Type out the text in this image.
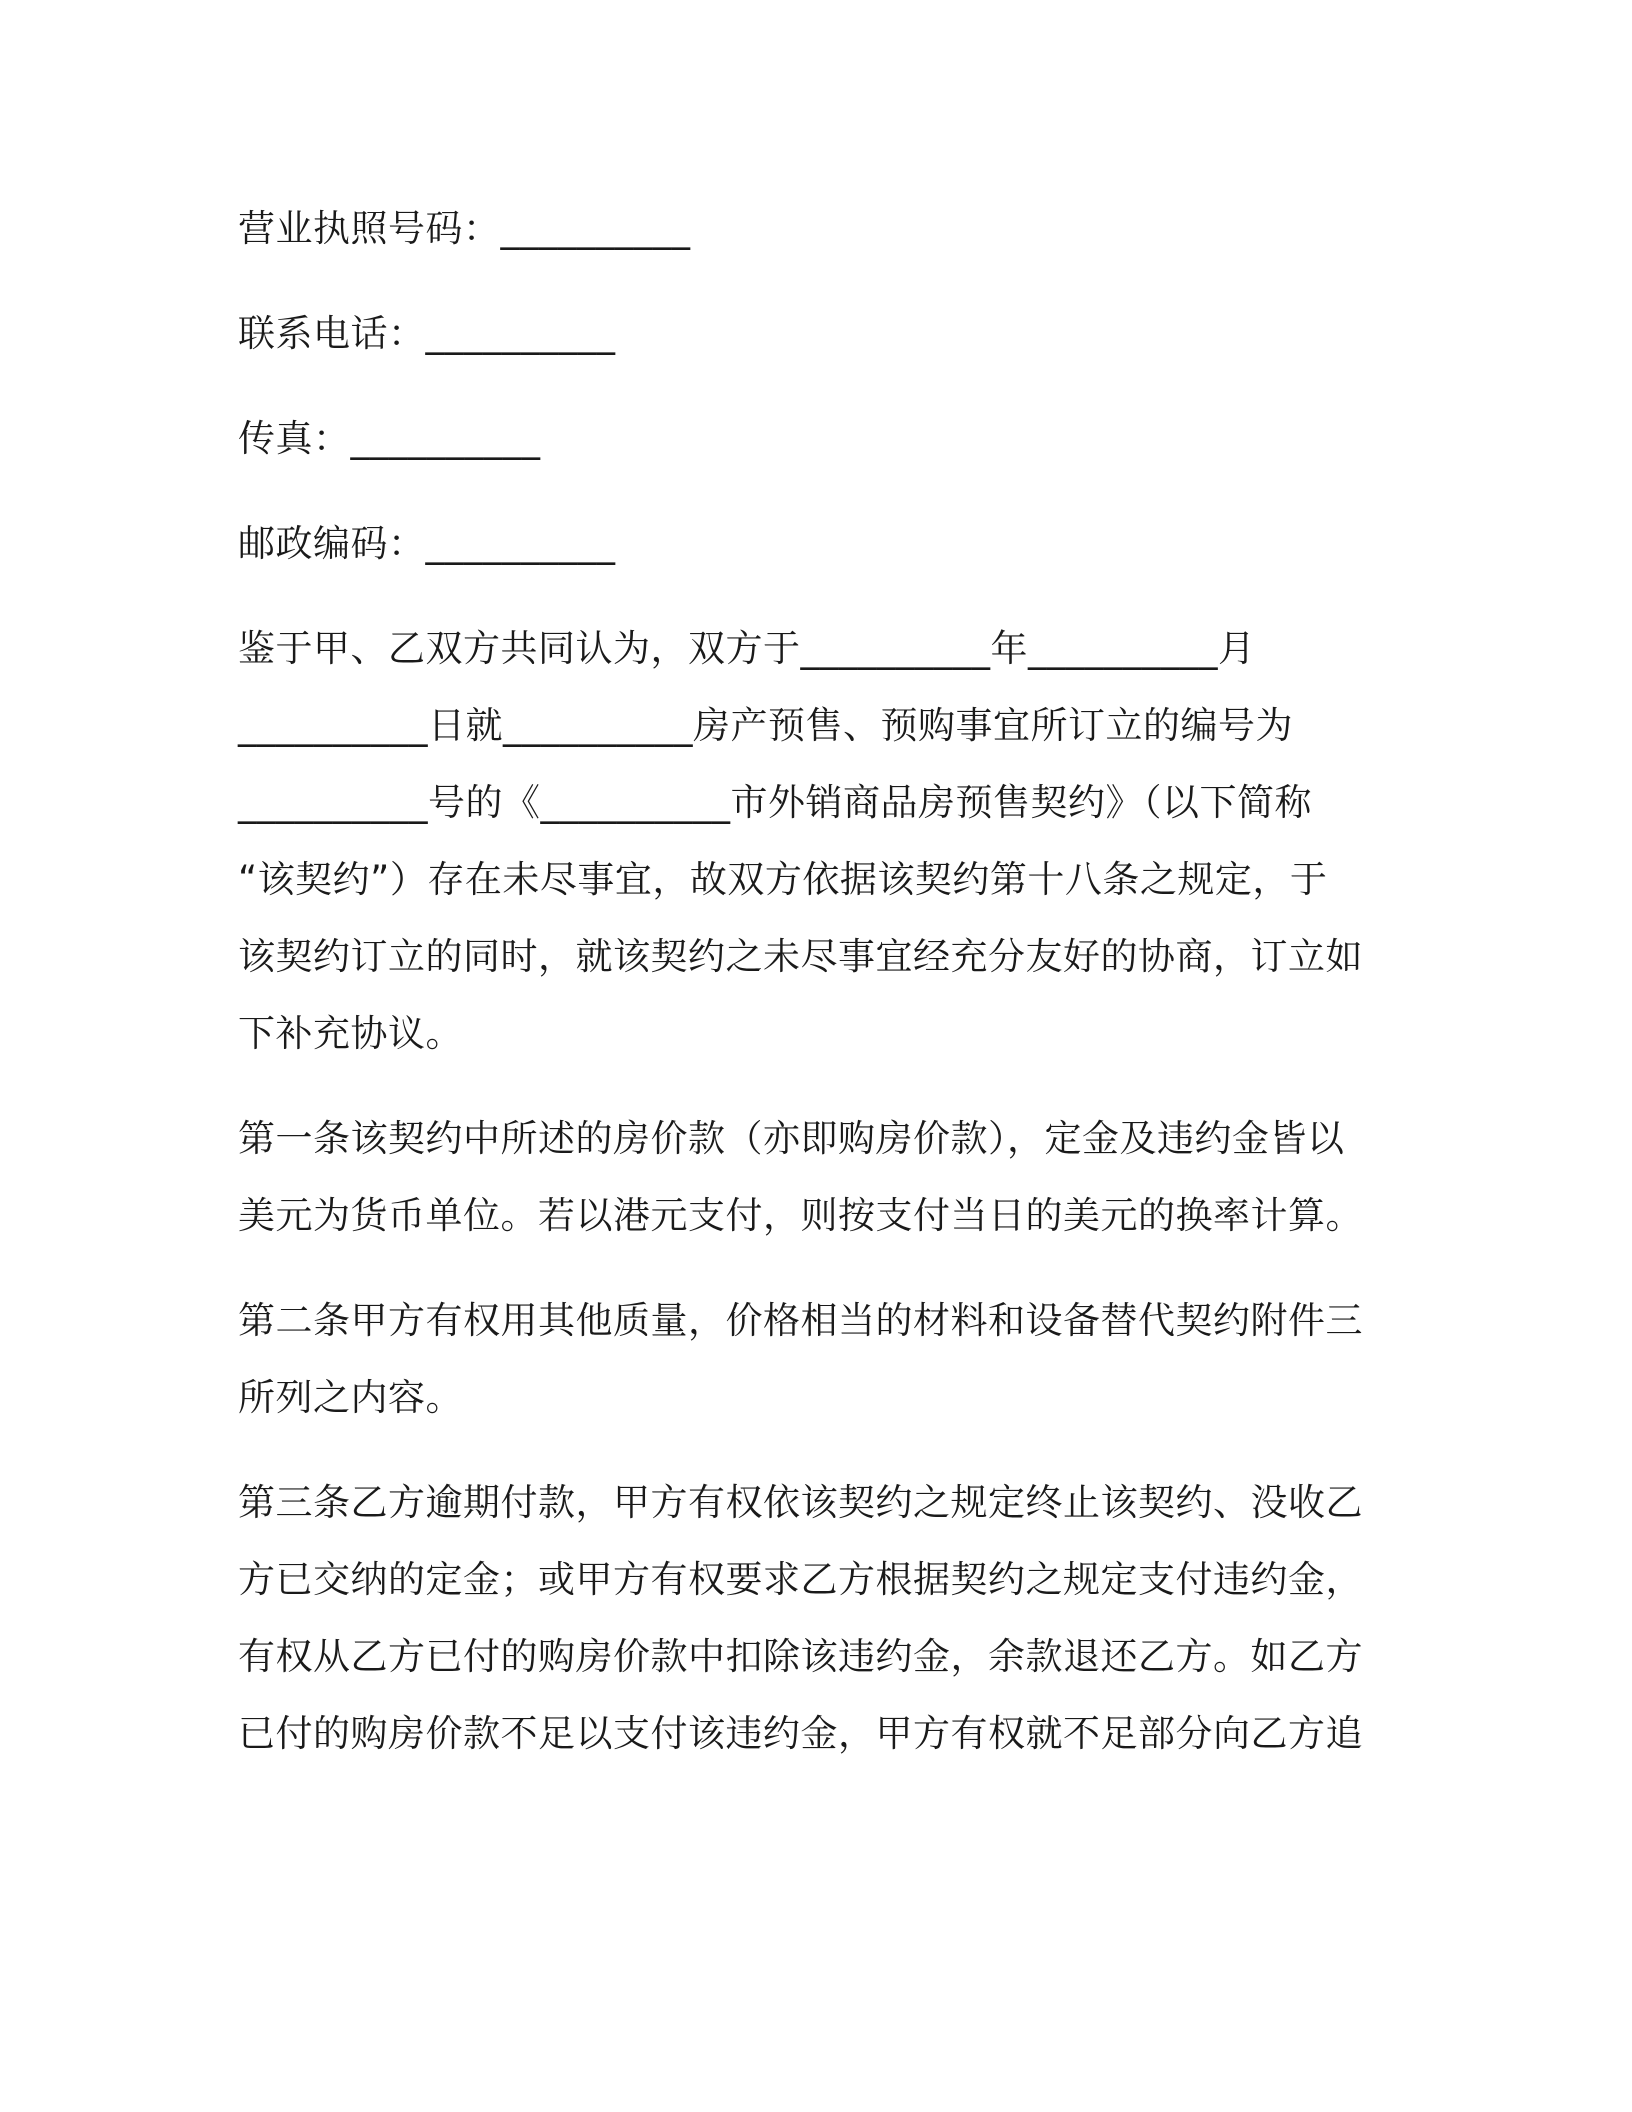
营业执照号码：__________
联系电话：__________
传真：__________
邮政编码：__________
鉴于甲、乙双方共同认为，双方于__________年__________月
__________日就__________房产预售、预购事宜所订立的编号为
__________号的《__________市外销商品房预售契约》（以下简称
“该契约”）存在未尽事宜，故双方依据该契约第十八条之规定，于
该契约订立的同时，就该契约之未尽事宜经充分友好的协商，订立如
下补充协议。
第一条该契约中所述的房价款（亦即购房价款），定金及违约金皆以
美元为货币单位。若以港元支付，则按支付当日的美元的换率计算。
第二条甲方有权用其他质量，价格相当的材料和设备替代契约附件三
所列之内容。
第三条乙方逾期付款，甲方有权依该契约之规定终止该契约、没收乙
方已交纳的定金；或甲方有权要求乙方根据契约之规定支付违约金，
有权从乙方已付的购房价款中扣除该违约金，余款退还乙方。如乙方
已付的购房价款不足以支付该违约金，甲方有权就不足部分向乙方追
